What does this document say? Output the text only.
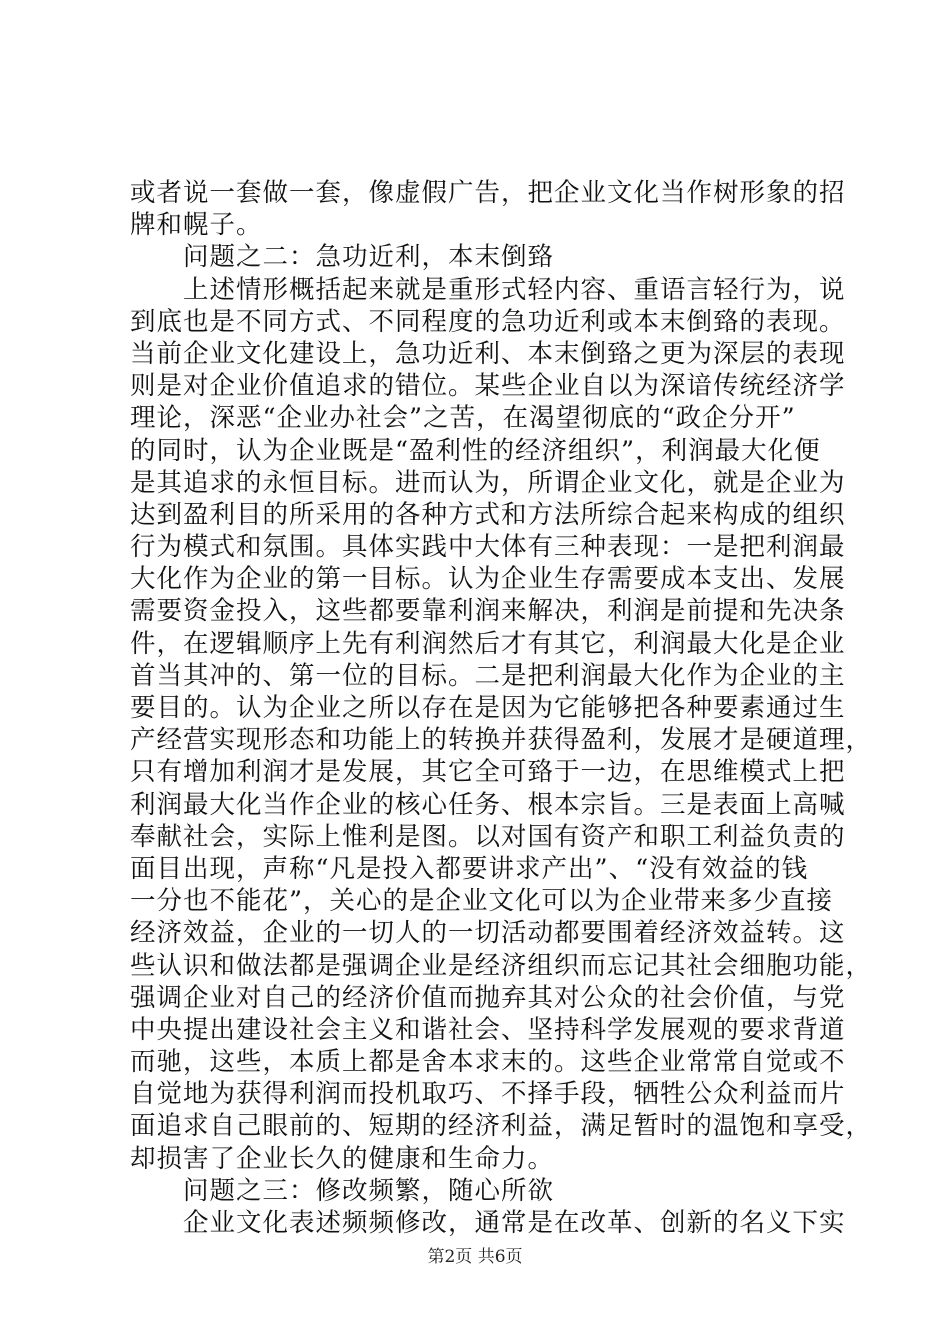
或者说一套做一套，像虚假广告，把企业文化当作树形象的招
牌和幌子。
问题之二：急功近利，本末倒臵
上述情形概括起来就是重形式轻内容、重语言轻行为，说
到底也是不同方式、不同程度的急功近利或本末倒臵的表现。
当前企业文化建设上，急功近利、本末倒臵之更为深层的表现
则是对企业价值追求的错位。某些企业自以为深谙传统经济学
理论，深恶“企业办社会”之苦，在渴望彻底的“政企分开”
的同时，认为企业既是“盈利性的经济组织”，利润最大化便
是其追求的永恒目标。进而认为，所谓企业文化，就是企业为
达到盈利目的所采用的各种方式和方法所综合起来构成的组织
行为模式和氛围。具体实践中大体有三种表现：一是把利润最
大化作为企业的第一目标。认为企业生存需要成本支出、发展
需要资金投入，这些都要靠利润来解决，利润是前提和先决条
件，在逻辑顺序上先有利润然后才有其它，利润最大化是企业
首当其冲的、第一位的目标。二是把利润最大化作为企业的主
要目的。认为企业之所以存在是因为它能够把各种要素通过生
产经营实现形态和功能上的转换并获得盈利，发展才是硬道理，
只有增加利润才是发展，其它全可臵于一边，在思维模式上把
利润最大化当作企业的核心任务、根本宗旨。三是表面上高喊
奉献社会，实际上惟利是图。以对国有资产和职工利益负责的
面目出现，声称“凡是投入都要讲求产出”、“没有效益的钱
一分也不能花”，关心的是企业文化可以为企业带来多少直接
经济效益，企业的一切人的一切活动都要围着经济效益转。这
些认识和做法都是强调企业是经济组织而忘记其社会细胞功能，
强调企业对自己的经济价值而抛弃其对公众的社会价值，与党
中央提出建设社会主义和谐社会、坚持科学发展观的要求背道
而驰，这些，本质上都是舍本求末的。这些企业常常自觉或不
自觉地为获得利润而投机取巧、不择手段，牺牲公众利益而片
面追求自己眼前的、短期的经济利益，满足暂时的温饱和享受，
却损害了企业长久的健康和生命力。
问题之三：修改频繁，随心所欲
企业文化表述频频修改，通常是在改革、创新的名义下实
第2页 共6页
